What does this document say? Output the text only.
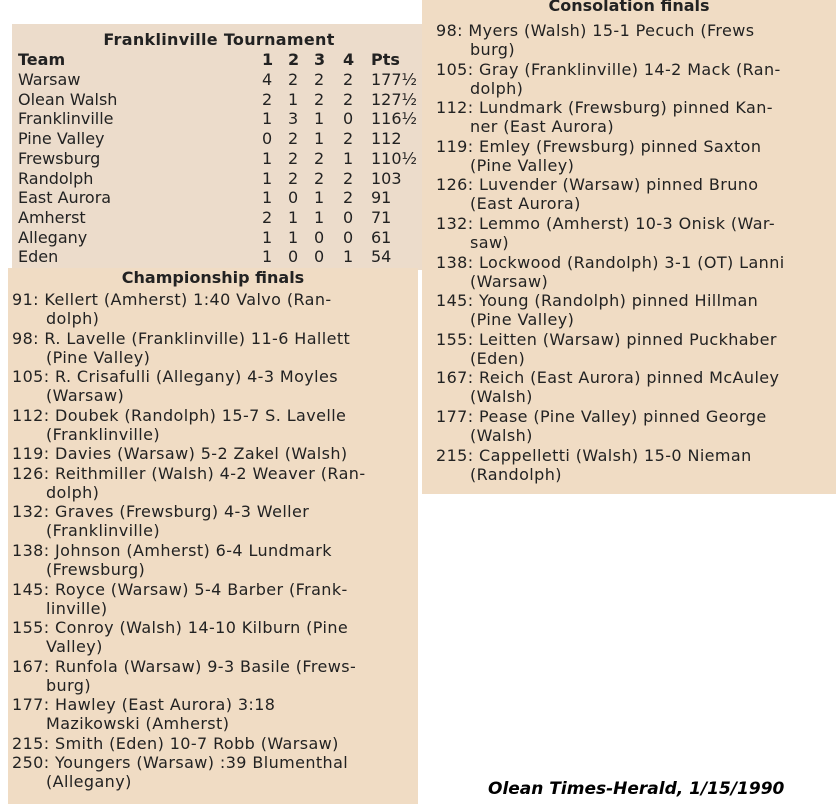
Franklinville Tournament
Team	1 2 3 4 Pts
Warsaw	4 2 2 2 177½
Olean Walsh	2 1 2 2 127½
Franklinville	1 3 1 0 116½
Pine Valley	0 2 1 2 112
Frewsburg	1 2 2 1 110½
Randolph	1 2 2 2 103
East Aurora	1 0 1 2 91
Amherst	2 1 1 0 71
Allegany	1 1 0 0 61
Eden	1 0 0 1 54
Championship finals
91: Kellert (Amherst) 1:40 Valvo (Ran-
dolph)
98: R. Lavelle (Franklinville) 11-6 Hallett
(Pine Valley)
105: R. Crisafulli (Allegany) 4-3 Moyles
(Warsaw)
112: Doubek (Randolph) 15-7 S. Lavelle
(Franklinville)
119: Davies (Warsaw) 5-2 Zakel (Walsh)
126: Reithmiller (Walsh) 4-2 Weaver (Ran-
dolph)
132: Graves (Frewsburg) 4-3 Weller
(Franklinville)
138: Johnson (Amherst) 6-4 Lundmark
(Frewsburg)
145: Royce (Warsaw) 5-4 Barber (Frank-
linville)
155: Conroy (Walsh) 14-10 Kilburn (Pine
Valley)
167: Runfola (Warsaw) 9-3 Basile (Frews-
burg)
177: Hawley (East Aurora) 3:18
Mazikowski (Amherst)
215: Smith (Eden) 10-7 Robb (Warsaw)
250: Youngers (Warsaw) :39 Blumenthal
(Allegany)
Consolation finals
98: Myers (Walsh) 15-1 Pecuch (Frews
burg)
105: Gray (Franklinville) 14-2 Mack (Ran-
dolph)
112: Lundmark (Frewsburg) pinned Kan-
ner (East Aurora)
119: Emley (Frewsburg) pinned Saxton
(Pine Valley)
126: Luvender (Warsaw) pinned Bruno
(East Aurora)
132: Lemmo (Amherst) 10-3 Onisk (War-
saw)
138: Lockwood (Randolph) 3-1 (OT) Lanni
(Warsaw)
145: Young (Randolph) pinned Hillman
(Pine Valley)
155: Leitten (Warsaw) pinned Puckhaber
(Eden)
167: Reich (East Aurora) pinned McAuley
(Walsh)
177: Pease (Pine Valley) pinned George
(Walsh)
215: Cappelletti (Walsh) 15-0 Nieman
(Randolph)
Olean Times-Herald, 1/15/1990
